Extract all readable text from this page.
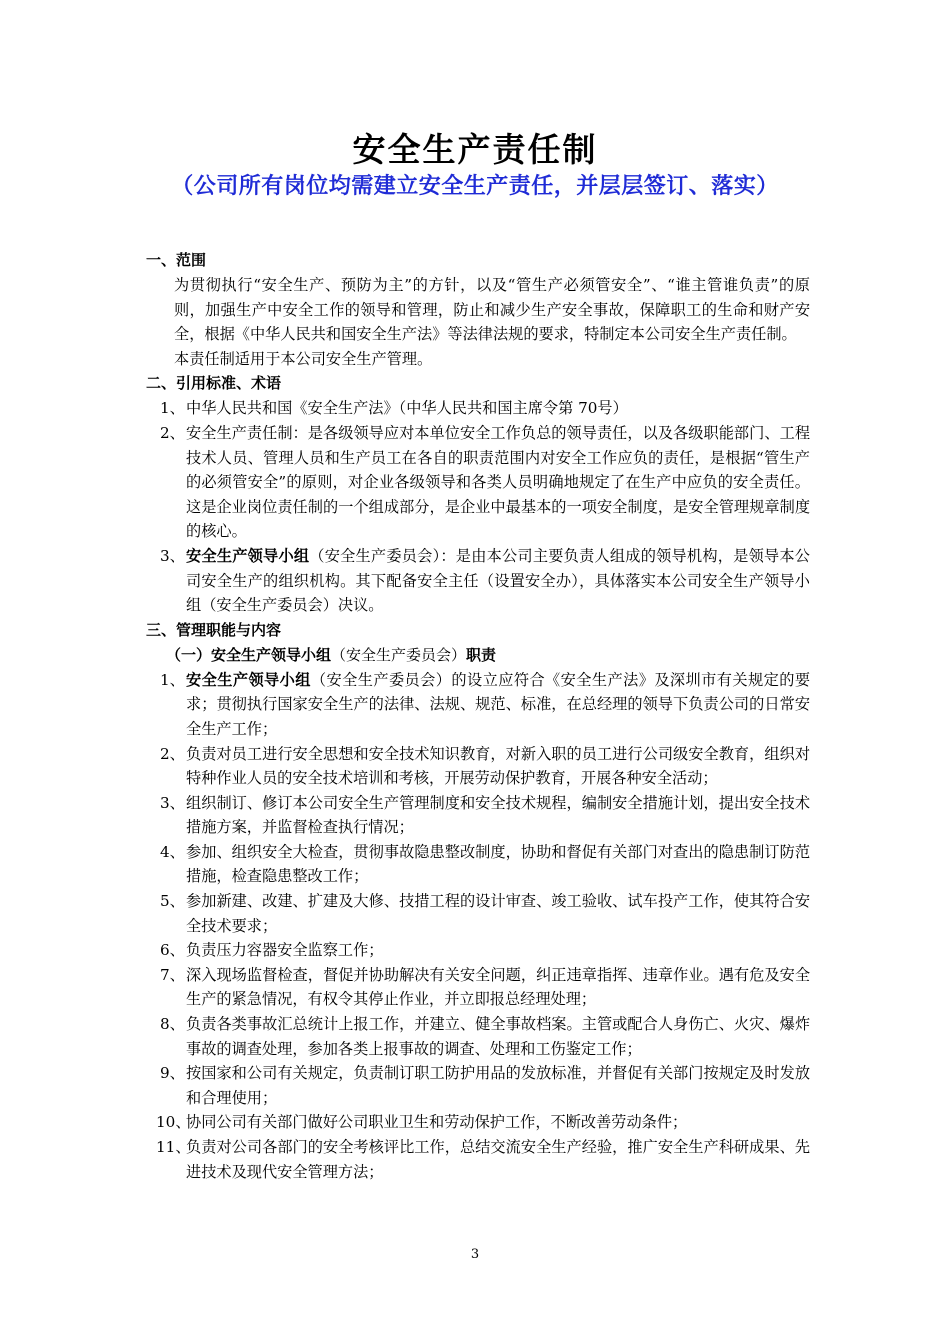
安全生产责任制
（公司所有岗位均需建立安全生产责任，并层层签订、落实）
一、范围
为贯彻执行“安全生产、预防为主”的方针，以及“管生产必须管安全”、“谁主管谁负责”的原则，加强生产中安全工作的领导和管理，防止和减少生产安全事故，保障职工的生命和财产安全，根据《中华人民共和国安全生产法》等法律法规的要求，特制定本公司安全生产责任制。
本责任制适用于本公司安全生产管理。
二、引用标准、术语
1、 中华人民共和国《安全生产法》（中华人民共和国主席令第 70号）
2、 安全生产责任制：是各级领导应对本单位安全工作负总的领导责任，以及各级职能部门、工程技术人员、管理人员和生产员工在各自的职责范围内对安全工作应负的责任，是根据“管生产的必须管安全”的原则，对企业各级领导和各类人员明确地规定了在生产中应负的安全责任。这是企业岗位责任制的一个组成部分，是企业中最基本的一项安全制度，是安全管理规章制度的核心。
3、 安全生产领导小组（安全生产委员会）：是由本公司主要负责人组成的领导机构，是领导本公司安全生产的组织机构。其下配备安全主任（设置安全办），具体落实本公司安全生产领导小组（安全生产委员会）决议。
三、管理职能与内容
（一）安全生产领导小组（安全生产委员会）职责
1、 安全生产领导小组（安全生产委员会）的设立应符合《安全生产法》及深圳市有关规定的要求；贯彻执行国家安全生产的法律、法规、规范、标准，在总经理的领导下负责公司的日常安全生产工作；
2、 负责对员工进行安全思想和安全技术知识教育，对新入职的员工进行公司级安全教育，组织对特种作业人员的安全技术培训和考核，开展劳动保护教育，开展各种安全活动；
3、 组织制订、修订本公司安全生产管理制度和安全技术规程，编制安全措施计划，提出安全技术措施方案，并监督检查执行情况；
4、 参加、组织安全大检查，贯彻事故隐患整改制度，协助和督促有关部门对查出的隐患制订防范措施，检查隐患整改工作；
5、 参加新建、改建、扩建及大修、技措工程的设计审查、竣工验收、试车投产工作，使其符合安全技术要求；
6、 负责压力容器安全监察工作；
7、 深入现场监督检查，督促并协助解决有关安全问题，纠正违章指挥、违章作业。遇有危及安全生产的紧急情况，有权令其停止作业，并立即报总经理处理；
8、 负责各类事故汇总统计上报工作，并建立、健全事故档案。主管或配合人身伤亡、火灾、爆炸事故的调查处理，参加各类上报事故的调查、处理和工伤鉴定工作；
9、 按国家和公司有关规定，负责制订职工防护用品的发放标准，并督促有关部门按规定及时发放和合理使用；
10、
协同公司有关部门做好公司职业卫生和劳动保护工作，不断改善劳动条件；
11、
负责对公司各部门的安全考核评比工作，总结交流安全生产经验，推广安全生产科研成果、先进技术及现代安全管理方法；
3
